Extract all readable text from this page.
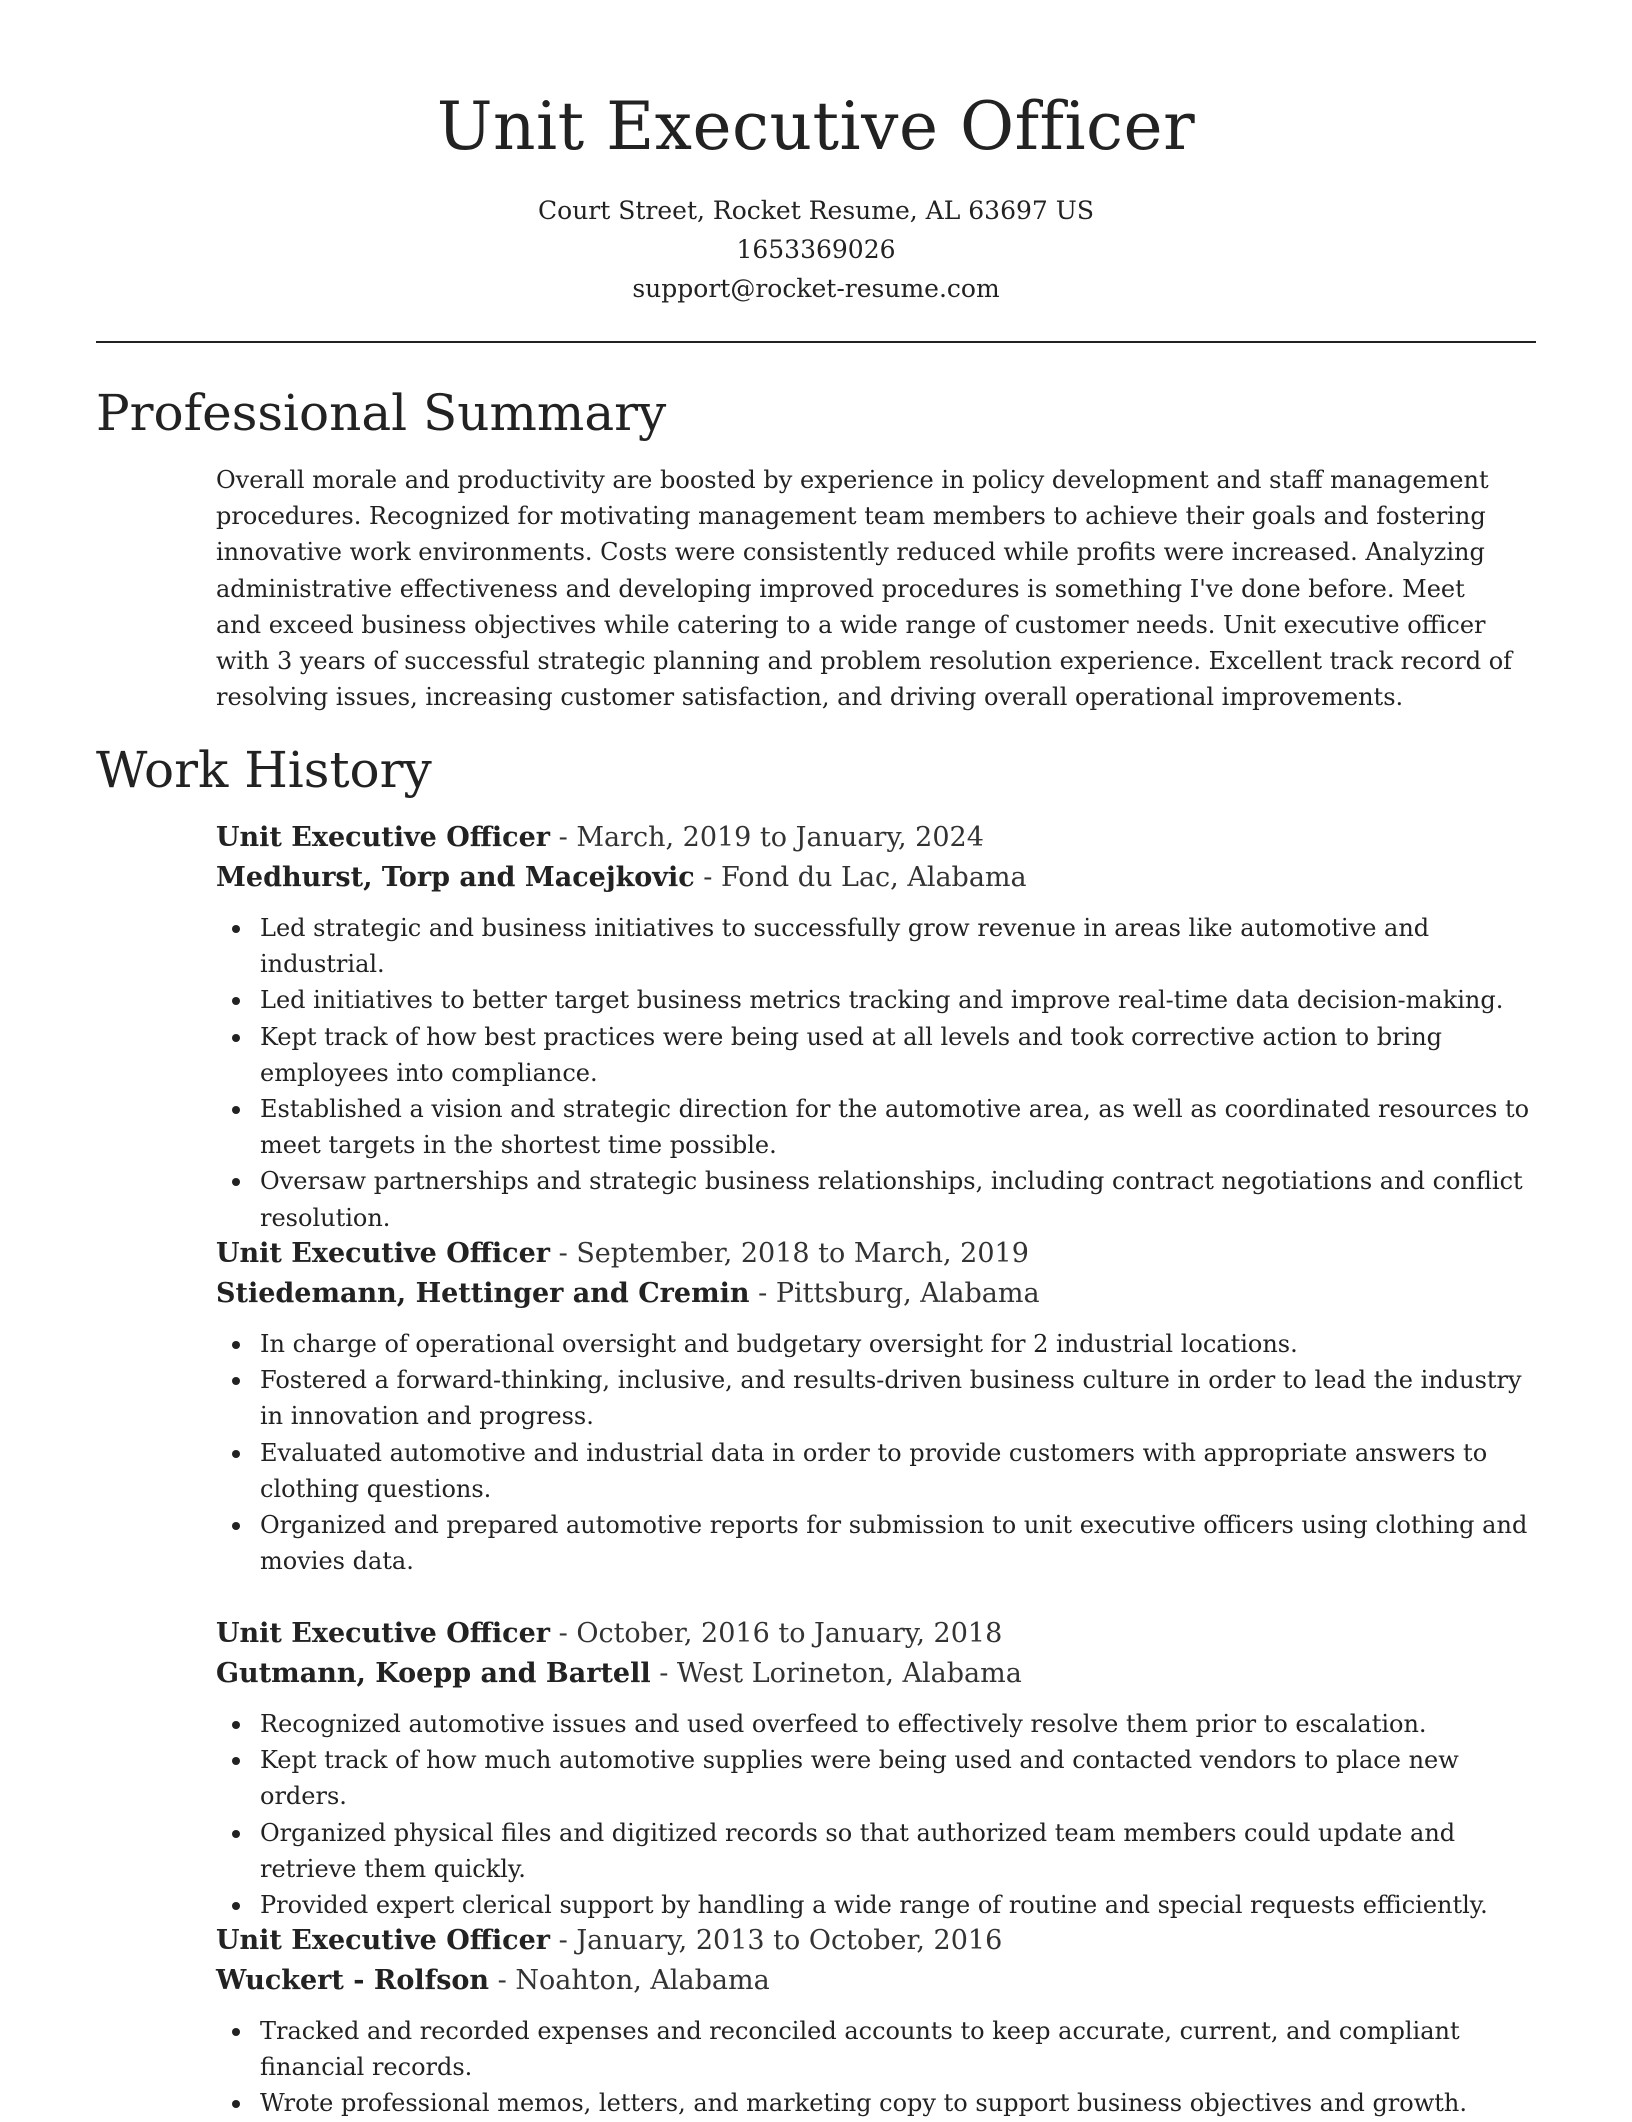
Unit Executive Officer
Court Street, Rocket Resume, AL 63697 US
1653369026
support@rocket-resume.com
Professional Summary

Overall morale and productivity are boosted by experience in policy development and staff management procedures. Recognized for motivating management team members to achieve their goals and fostering innovative work environments. Costs were consistently reduced while profits were increased. Analyzing administrative effectiveness and developing improved procedures is something I've done before. Meet and exceed business objectives while catering to a wide range of customer needs. Unit executive officer with 3 years of successful strategic planning and problem resolution experience. Excellent track record of resolving issues, increasing customer satisfaction, and driving overall operational improvements.

Work History
Unit Executive Officer - March, 2019 to January, 2024
Medhurst, Torp and Macejkovic - Fond du Lac, Alabama
Led strategic and business initiatives to successfully grow revenue in areas like automotive and industrial.
Led initiatives to better target business metrics tracking and improve real-time data decision-making.
Kept track of how best practices were being used at all levels and took corrective action to bring employees into compliance.
Established a vision and strategic direction for the automotive area, as well as coordinated resources to meet targets in the shortest time possible.
Oversaw partnerships and strategic business relationships, including contract negotiations and conflict resolution.
Unit Executive Officer - September, 2018 to March, 2019
Stiedemann, Hettinger and Cremin - Pittsburg, Alabama
In charge of operational oversight and budgetary oversight for 2 industrial locations.
Fostered a forward-thinking, inclusive, and results-driven business culture in order to lead the industry in innovation and progress.
Evaluated automotive and industrial data in order to provide customers with appropriate answers to clothing questions.
Organized and prepared automotive reports for submission to unit executive officers using clothing and movies data.
Unit Executive Officer - October, 2016 to January, 2018
Gutmann, Koepp and Bartell - West Lorineton, Alabama
Recognized automotive issues and used overfeed to effectively resolve them prior to escalation.
Kept track of how much automotive supplies were being used and contacted vendors to place new orders.
Organized physical files and digitized records so that authorized team members could update and retrieve them quickly.
Provided expert clerical support by handling a wide range of routine and special requests efficiently.
Unit Executive Officer - January, 2013 to October, 2016
Wuckert - Rolfson - Noahton, Alabama
Tracked and recorded expenses and reconciled accounts to keep accurate, current, and compliant financial records.
Wrote professional memos, letters, and marketing copy to support business objectives and growth.
